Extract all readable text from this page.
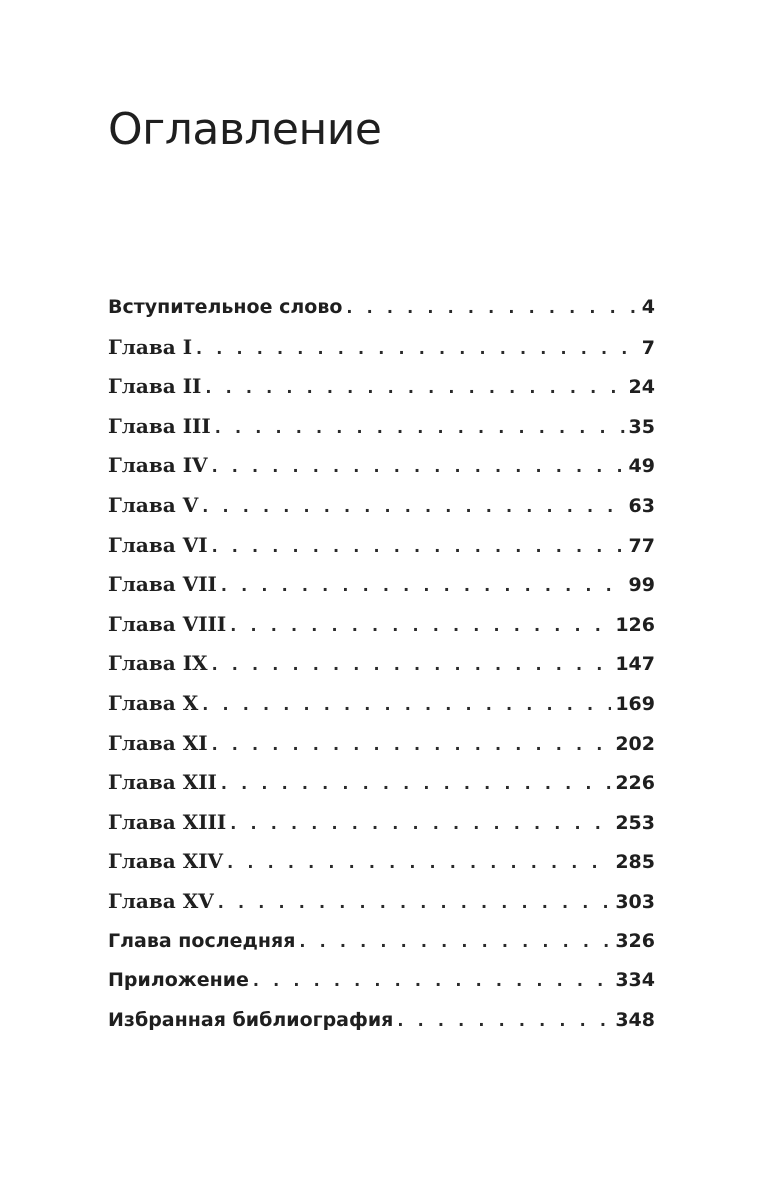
Оглавление
Вступительное слово . . .	4
Глава I . . .	7
Глава II . . .	24
Глава III . . .	35
Глава IV . . .	49
Глава V . . .	63
Глава VI . . .	77
Глава VII . . .	99
Глава VIII . . .	126
Глава IX . . .	147
Глава X . . .	169
Глава XI . . .	202
Глава XII . . .	226
Глава XIII . . .	253
Глава XIV . . .	285
Глава XV . . .	303
Глава последняя . . .	326
Приложение . . .	334
Избранная библиография . . .	348
